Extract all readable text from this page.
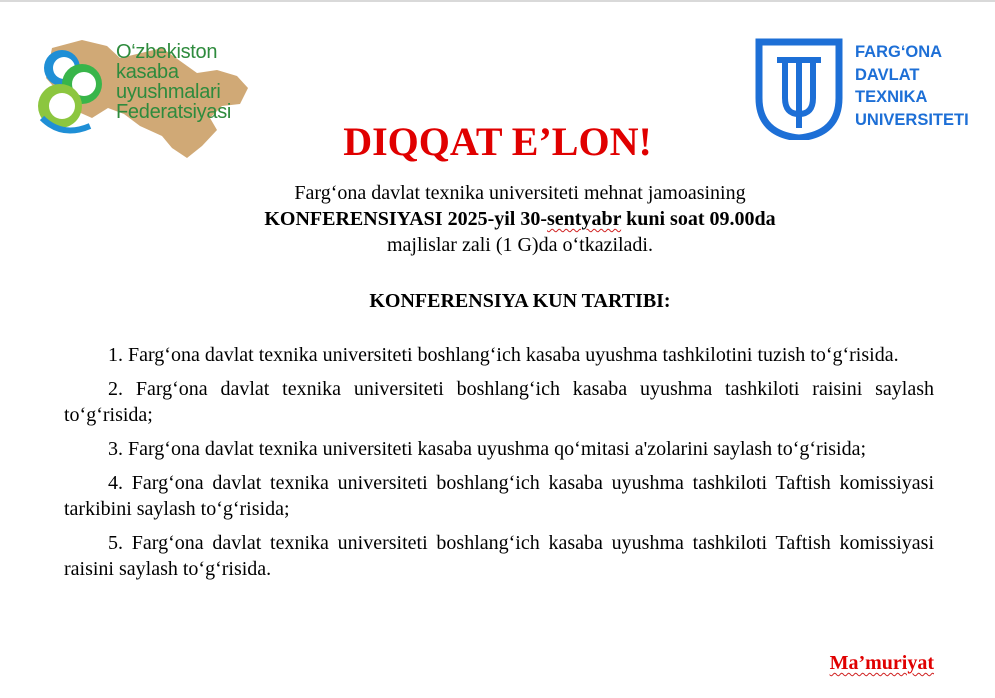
O‘zbekiston
kasaba
uyushmalari
Federatsiyasi
FARG‘ONA
DAVLAT
TEXNIKA
UNIVERSITETI
DIQQAT E’LON!
Farg‘ona davlat texnika universiteti mehnat jamoasining
KONFERENSIYASI 2025-yil 30-sentyabr kuni soat 09.00da
majlislar zali (1 G)da o‘tkaziladi.
KONFERENSIYA KUN TARTIBI:

1. Farg‘ona davlat texnika universiteti boshlang‘ich kasaba uyushma tashkilotini tuzish to‘g‘risida.

2. Farg‘ona davlat texnika universiteti boshlang‘ich kasaba uyushma tashkiloti raisini saylash to‘g‘risida;

3. Farg‘ona davlat texnika universiteti kasaba uyushma qo‘mitasi a'zolarini saylash to‘g‘risida;

4. Farg‘ona davlat texnika universiteti boshlang‘ich kasaba uyushma tashkiloti Taftish komissiyasi tarkibini saylash to‘g‘risida;

5. Farg‘ona davlat texnika universiteti boshlang‘ich kasaba uyushma tashkiloti Taftish komissiyasi raisini saylash to‘g‘risida.

Ma’muriyat
